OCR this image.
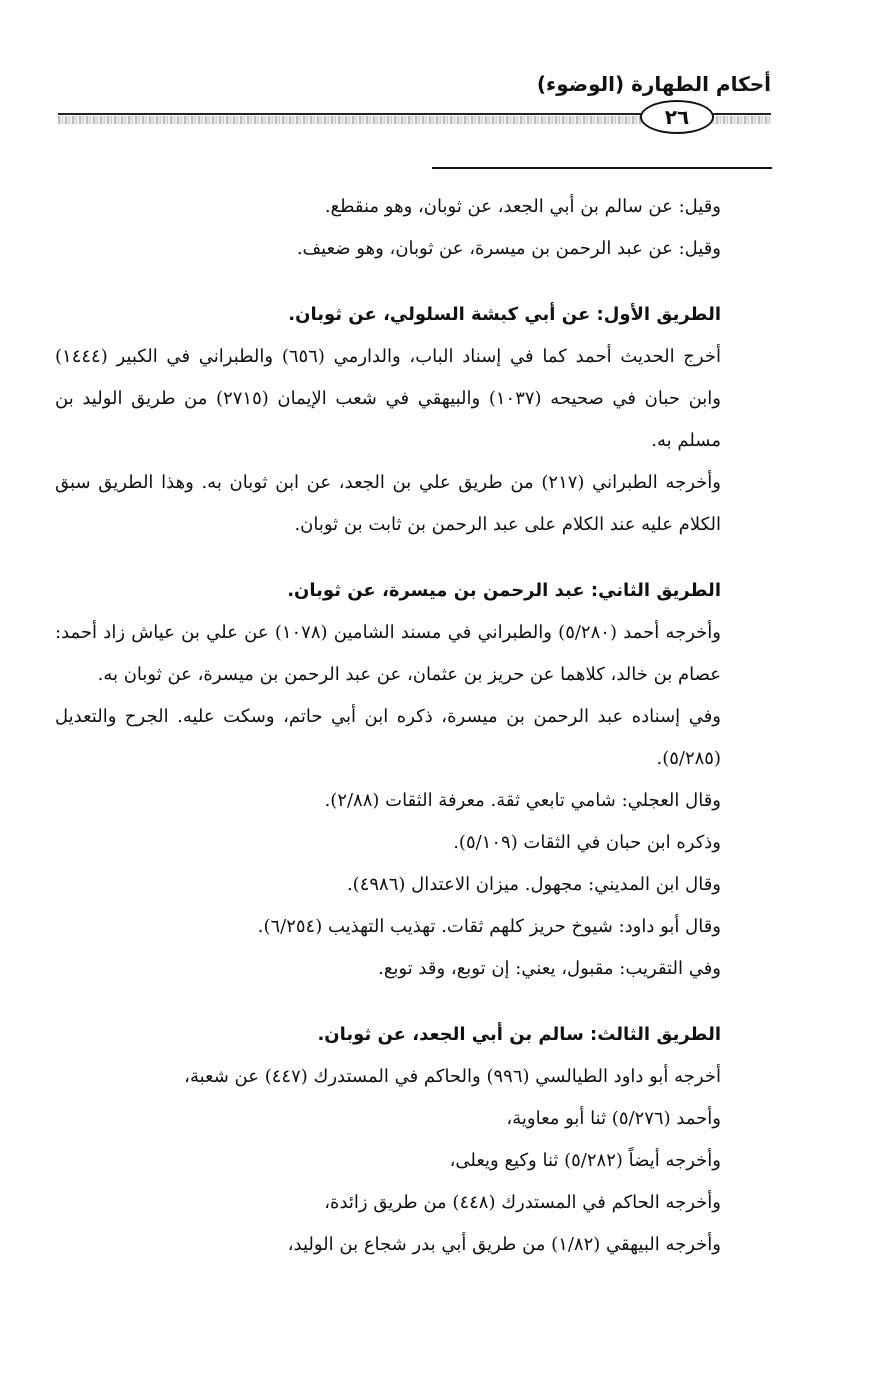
أحكام الطهارة (الوضوء)
٢٦

وقيل: عن سالم بن أبي الجعد، عن ثوبان، وهو منقطع.

وقيل: عن عبد الرحمن بن ميسرة، عن ثوبان، وهو ضعيف.

الطريق الأول: عن أبي كبشة السلولي، عن ثوبان.

أخرج الحديث أحمد كما في إسناد الباب، والدارمي (٦٥٦) والطبراني في الكبير (١٤٤٤) وابن حبان في صحيحه (١٠٣٧) والبيهقي في شعب الإيمان (٢٧١٥) من طريق الوليد بن مسلم به.

وأخرجه الطبراني (٢١٧) من طريق علي بن الجعد، عن ابن ثوبان به. وهذا الطريق سبق الكلام عليه عند الكلام على عبد الرحمن بن ثابت بن ثوبان.

الطريق الثاني: عبد الرحمن بن ميسرة، عن ثوبان.

وأخرجه أحمد (٥/٢٨٠) والطبراني في مسند الشامين (١٠٧٨) عن علي بن عياش زاد أحمد: عصام بن خالد، كلاهما عن حريز بن عثمان، عن عبد الرحمن بن ميسرة، عن ثوبان به.

وفي إسناده عبد الرحمن بن ميسرة، ذكره ابن أبي حاتم، وسكت عليه. الجرح والتعديل (٥/٢٨٥).

وقال العجلي: شامي تابعي ثقة. معرفة الثقات (٢/٨٨).

وذكره ابن حبان في الثقات (٥/١٠٩).

وقال ابن المديني: مجهول. ميزان الاعتدال (٤٩٨٦).

وقال أبو داود: شيوخ حريز كلهم ثقات. تهذيب التهذيب (٦/٢٥٤).

وفي التقريب: مقبول، يعني: إن توبع، وقد توبع.

الطريق الثالث: سالم بن أبي الجعد، عن ثوبان.

أخرجه أبو داود الطيالسي (٩٩٦) والحاكم في المستدرك (٤٤٧) عن شعبة،

وأحمد (٥/٢٧٦) ثنا أبو معاوية،

وأخرجه أيضاً (٥/٢٨٢) ثنا وكيع ويعلى،

وأخرجه الحاكم في المستدرك (٤٤٨) من طريق زائدة،

وأخرجه البيهقي (١/٨٢) من طريق أبي بدر شجاع بن الوليد،
